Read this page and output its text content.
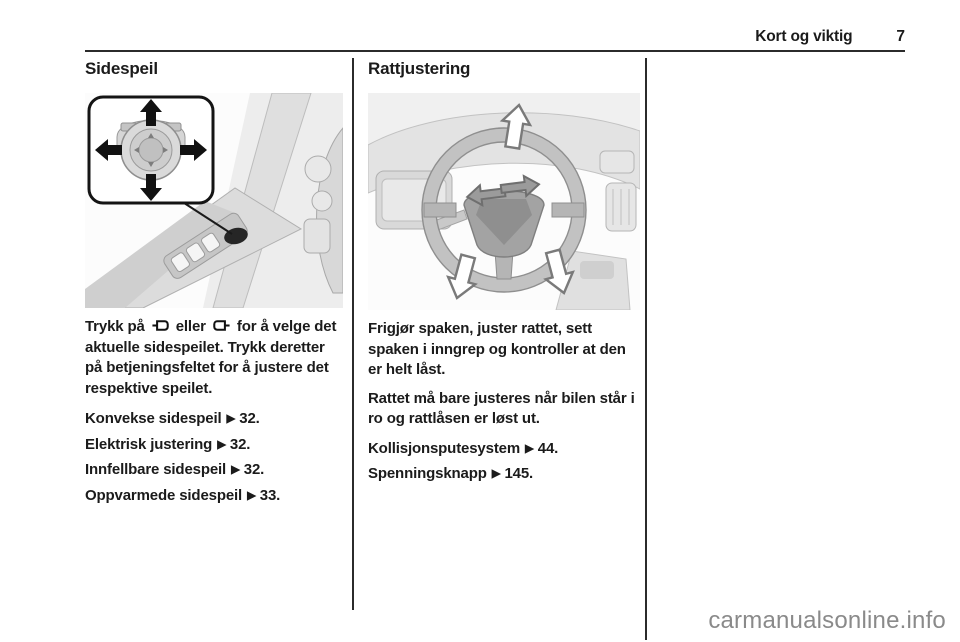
Kort og viktig	7
Sidespeil

Trykk på  eller  for å velge det aktuelle sidespeilet. Trykk deretter på betjeningsfeltet for å justere det respektive speilet.

Konvekse sidespeil ▶ 32.

Elektrisk justering ▶ 32.

Innfellbare sidespeil ▶ 32.

Oppvarmede sidespeil ▶ 33.

Rattjustering

Frigjør spaken, juster rattet, sett spaken i inngrep og kontroller at den er helt låst.

Rattet må bare justeres når bilen står i ro og rattlåsen er løst ut.

Kollisjonsputesystem ▶ 44.

Spenningsknapp ▶ 145.

carmanualsonline.info
